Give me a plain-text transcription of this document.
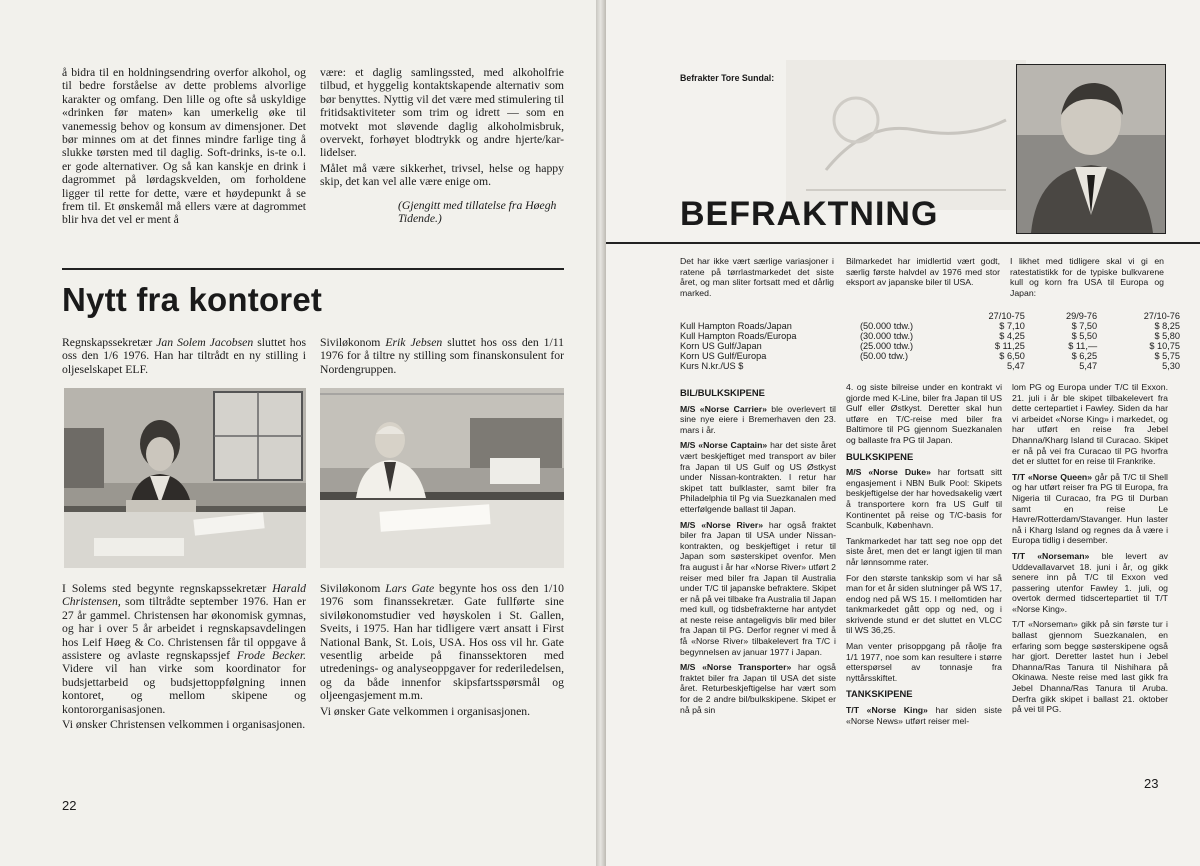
å bidra til en holdningsendring overfor alkohol, og til bedre forståelse av dette problems alvorlige karakter og omfang. Den lille og ofte så uskyldige «drinken før maten» kan umerkelig øke til vanemessig behov og konsum av dimensjoner. Det bør minnes om at det finnes mindre farlige ting å slukke tørsten med til daglig. Soft-drinks, is-te o.l. er gode alternativer. Og så kan kanskje en drink i dagrommet på lørdagskvelden, om forholdene ligger til rette for dette, være et høydepunkt å se frem til. Et ønskemål må ellers være at dagrommet blir hva det vel er ment å

være: et daglig samlingssted, med alkoholfrie tilbud, et hyggelig kontaktskapende alternativ som bør benyttes. Nyttig vil det være med stimulering til fritidsaktiviteter som trim og idrett — som en motvekt mot sløvende daglig alkoholmisbruk, overvekt, forhøyet blodtrykk og andre hjerte/kar-lidelser.

Målet må være sikkerhet, trivsel, helse og happy skip, det kan vel alle være enige om.

(Gjengitt med tillatelse fra Høegh Tidende.)

Nytt fra kontoret

Regnskapssekretær Jan Solem Jacobsen sluttet hos oss den 1/6 1976. Han har tiltrådt en ny stilling i oljeselskapet ELF.

Siviløkonom Erik Jebsen sluttet hos oss den 1/11 1976 for å tiltre ny stilling som finanskonsulent for Nordengruppen.

I Solems sted begynte regnskapssekretær Harald Christensen, som tiltrådte september 1976. Han er 27 år gammel. Christensen har økonomisk gymnas, og har i over 5 år arbeidet i regnskapsavdelingen hos Leif Høeg & Co. Christensen får til oppgave å assistere og avlaste regnskapssjef Frode Becker. Videre vil han virke som koordinator for budsjettarbeid og budsjettoppfølgning innen kontoret, og mellom skipene og kontororganisasjonen.

Vi ønsker Christensen velkommen i organisasjonen.

Siviløkonom Lars Gate begynte hos oss den 1/10 1976 som finanssekretær. Gate fullførte sine siviløkonomstudier ved høyskolen i St. Gallen, Sveits, i 1975. Han har tidligere vært ansatt i First National Bank, St. Lois, USA. Hos oss vil hr. Gate vesentlig arbeide på finanssektoren med utredenings- og analyseoppgaver for rederiledelsen, og da både innenfor skipsfartsspørsmål og oljeengasjement m.m.

Vi ønsker Gate velkommen i organisasjonen.

22
Befrakter Tore Sundal:
BEFRAKTNING

Det har ikke vært særlige variasjoner i ratene på tørrlastmarkedet det siste året, og man sliter fortsatt med et dårlig marked.

Bilmarkedet har imidlertid vært godt, særlig første halvdel av 1976 med stor eksport av japanske biler til USA.

I likhet med tidligere skal vi gi en ratestatistikk for de typiske bulkvarene kull og korn fra USA til Europa og Japan:

		27/10-75	29/9-76	27/10-76
Kull Hampton Roads/Japan	(50.000 tdw.)	$ 7,10	$ 7,50	$ 8,25
Kull Hampton Roads/Europa	(30.000 tdw.)	$ 4,25	$ 5,50	$ 5,80
Korn US Gulf/Japan	(25.000 tdw.)	$ 11,25	$ 11,—	$ 10,75
Korn US Gulf/Europa	(50.00 tdw.)	$ 6,50	$ 6,25	$ 5,75
Kurs N.kr./US $		5,47	5,47	5,30
BIL/BULKSKIPENE

M/S «Norse Carrier» ble overlevert til sine nye eiere i Bremerhaven den 23. mars i år.

M/S «Norse Captain» har det siste året vært beskjeftiget med transport av biler fra Japan til US Gulf og US Østkyst under Nissan-kontrakten. I retur har skipet tatt bulklaster, samt biler fra Philadelphia til Pg via Suezkanalen med etterfølgende ballast til Japan.

M/S «Norse River» har også fraktet biler fra Japan til USA under Nissan-kontrakten, og beskjeftiget i retur til Japan som søsterskipet ovenfor. Men fra august i år har «Norse River» utført 2 reiser med biler fra Japan til Australia under T/C til japanske befraktere. Skipet er nå på vei tilbake fra Australia til Japan med kull, og tidsbefrakterne har antydet at neste reise antageligvis blir med biler fra Japan til PG. Derfor regner vi med å få «Norse River» tilbakelevert fra T/C i begynnelsen av januar 1977 i Japan.

M/S «Norse Transporter» har også fraktet biler fra Japan til USA det siste året. Returbeskjeftigelse har vært som for de 2 andre bil/bulkskipene. Skipet er nå på sin

4. og siste bilreise under en kontrakt vi gjorde med K-Line, biler fra Japan til US Gulf eller Østkyst. Deretter skal hun utføre en T/C-reise med biler fra Baltimore til PG gjennom Suezkanalen og ballaste fra PG til Japan.

BULKSKIPENE

M/S «Norse Duke» har fortsatt sitt engasjement i NBN Bulk Pool: Skipets beskjeftigelse der har hovedsakelig vært å transportere korn fra US Gulf til Kontinentet på reise og T/C-basis for Scanbulk, København.

Tankmarkedet har tatt seg noe opp det siste året, men det er langt igjen til man når lønnsomme rater.

For den største tankskip som vi har så man for et år siden slutninger på WS 17, endog ned på WS 15. I mellomtiden har tankmarkedet gått opp og ned, og i skrivende stund er det sluttet en VLCC til WS 36,25.

Man venter prisoppgang på råolje fra 1/1 1977, noe som kan resultere i større etterspørsel av tonnasje fra nyttårsskiftet.

TANKSKIPENE

T/T «Norse King» har siden siste «Norse News» utført reiser mel-

lom PG og Europa under T/C til Exxon. 21. juli i år ble skipet tilbakelevert fra dette certepartiet i Fawley. Siden da har vi arbeidet «Norse King» i markedet, og har utført en reise fra Jebel Dhanna/Kharg Island til Curacao. Skipet er nå på vei fra Curacao til PG hvorfra det er sluttet for en reise til Frankrike.

T/T «Norse Queen» går på T/C til Shell og har utført reiser fra PG til Europa, fra Nigeria til Curacao, fra PG til Durban samt en reise Le Havre/Rotterdam/Stavanger. Hun laster nå i Kharg Island og regnes da å være i Europa tidlig i desember.

T/T «Norseman» ble levert av Uddevallavarvet 18. juni i år, og gikk senere inn på T/C til Exxon ved passering utenfor Fawley 1. juli, og overtok dermed tidscertepartiet til T/T «Norse King».

T/T «Norseman» gikk på sin første tur i ballast gjennom Suezkanalen, en erfaring som begge søsterskipene også har gjort. Deretter lastet hun i Jebel Dhanna/Ras Tanura til Nishihara på Okinawa. Neste reise med last gikk fra Jebel Dhanna/Ras Tanura til Aruba. Derfra gikk skipet i ballast 21. oktober på vei til PG.

23
